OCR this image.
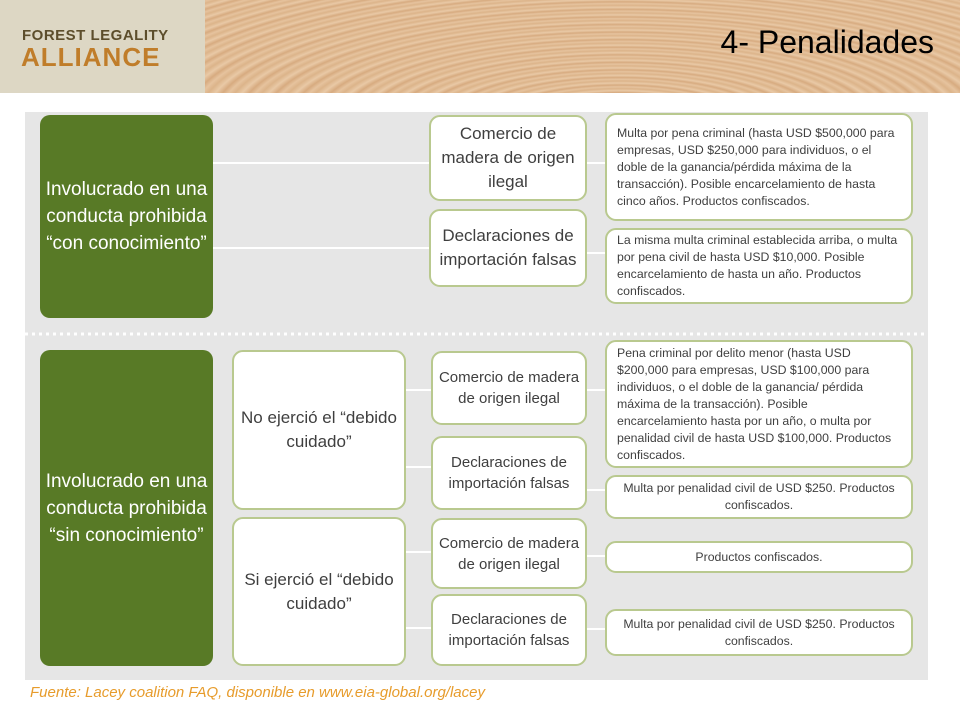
FOREST LEGALITY
ALLIANCE	4- Penalidades
Involucrado en una conducta prohibida “con conocimiento”
Comercio de madera de origen ilegal
Declaraciones de importación falsas
Multa por pena criminal (hasta USD $500,000 para empresas, USD $250,000 para individuos, o el doble de la ganancia/pérdida máxima de la transacción). Posible encarcelamiento de hasta cinco años. Productos confiscados.
La misma multa criminal establecida arriba, o multa por pena civil de hasta USD $10,000. Posible encarcelamiento de hasta un año. Productos confiscados.
Involucrado en una conducta prohibida “sin conocimiento”
No ejerció el “debido cuidado”
Comercio de madera de origen ilegal
Declaraciones de importación falsas
Pena criminal por delito menor (hasta USD $200,000 para empresas, USD $100,000 para individuos, o el doble de la ganancia/ pérdida máxima de la transacción). Posible encarcelamiento hasta por un año, o multa por penalidad civil de hasta USD $100,000. Productos confiscados.
Multa por penalidad civil de USD $250. Productos confiscados.
Si ejerció el “debido cuidado”
Comercio de madera de origen ilegal
Declaraciones de importación falsas
Productos confiscados.
Multa por penalidad civil de USD $250. Productos confiscados.
Fuente: Lacey coalition FAQ, disponible en www.eia-global.org/lacey
